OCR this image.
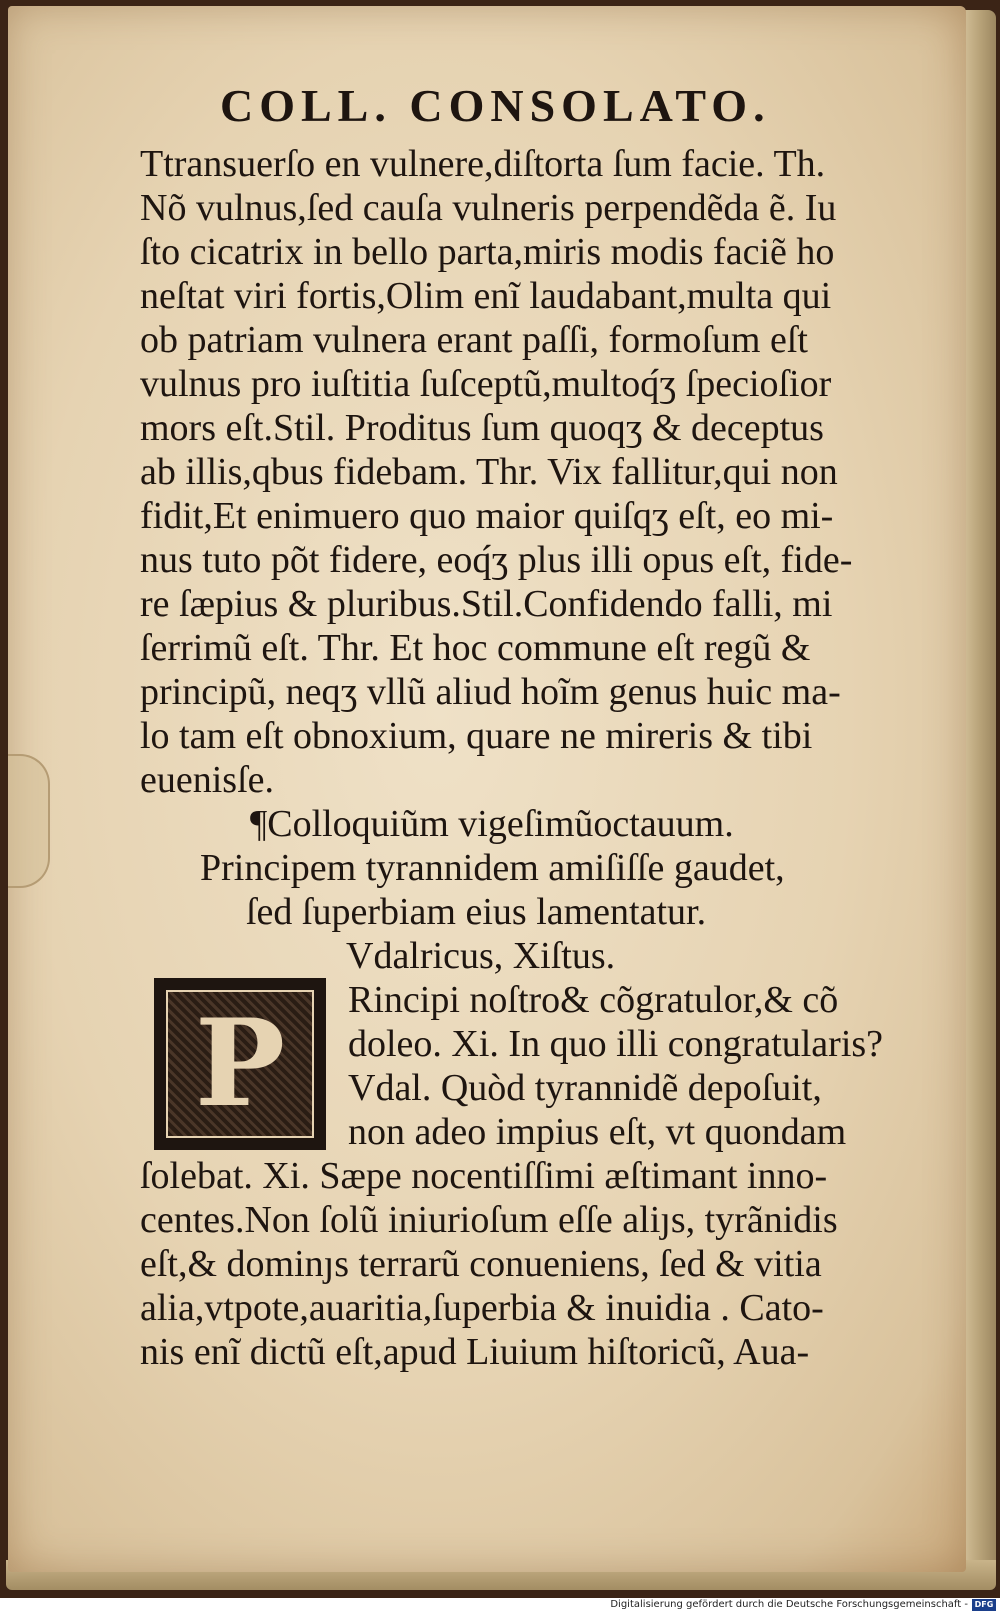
COLL. CONSOLATO.
Ttransuerſo en vulnere,diſtorta ſum facie. Th.
Nõ vulnus,ſed cauſa vulneris perpendẽda ẽ. Iu
ſto cicatrix in bello parta,miris modis faciẽ ho
neſtat viri fortis,Olim enĩ laudabant,multa qui
ob patriam vulnera erant paſſi, formoſum eſt
vulnus pro iuſtitia ſuſceptũ,multoq́ʒ ſpecioſior
mors eſt.Stil. Proditus ſum quoqʒ & deceptus
ab illis,qbus fidebam. Thr. Vix fallitur,qui non
fidit,Et enimuero quo maior quiſqʒ eſt, eo mi-
nus tuto põt fidere, eoq́ʒ plus illi opus eſt, fide-
re ſæpius & pluribus.Stil.Confidendo falli, mi
ſerrimũ eſt. Thr. Et hoc commune eſt regũ &
principũ, neqʒ vllũ aliud hoĩm genus huic ma-
lo tam eſt obnoxium, quare ne mireris & tibi
euenisſe.
¶Colloquiũm vigeſimũoctauum.
Principem tyrannidem amiſiſſe gaudet,
ſed ſuperbiam eius lamentatur.
Vdalricus, Xiſtus.
P Rincipi noſtro& cõgratulor,& cõ
doleo. Xi. In quo illi congratularis?
Vdal. Quòd tyrannidẽ depoſuit,
non adeo impius eſt, vt quondam
ſolebat. Xi. Sæpe nocentiſſimi æſtimant inno-
centes.Non ſolũ iniurioſum eſſe aliȷs, tyrãnidis
eſt,& dominȷs terrarũ conueniens, ſed & vitia
alia,vtpote,auaritia,ſuperbia & inuidia . Cato-
nis enĩ dictũ eſt,apud Liuium hiſtoricũ, Aua-
Digitalisierung gefördert durch die Deutsche Forschungsgemeinschaft - DFG
